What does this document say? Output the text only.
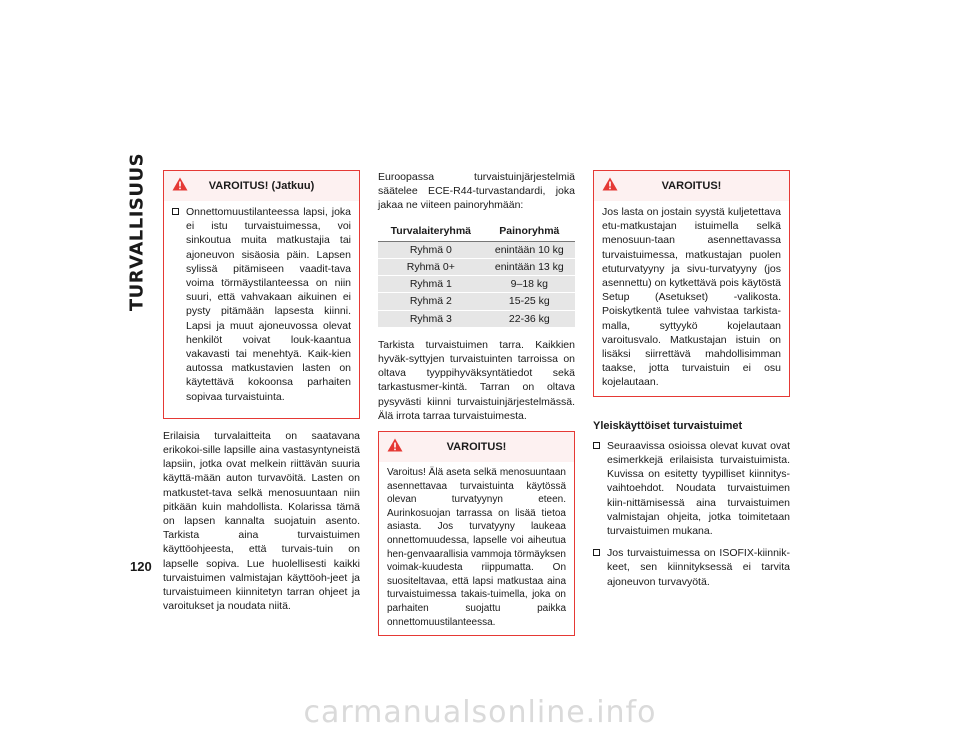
TURVALLISUUS
120
VAROITUS! (Jatkuu)
Onnettomuustilanteessa lapsi, joka ei istu turvaistuimessa, voi sinkoutua muita matkustajia tai ajoneuvon sisäosia päin. Lapsen sylissä pitämiseen vaadit-tava voima törmäystilanteessa on niin suuri, että vahvakaan aikuinen ei pysty pitämään lapsesta kiinni. Lapsi ja muut ajoneuvossa olevat henkilöt voivat louk-kaantua vakavasti tai menehtyä. Kaik-kien autossa matkustavien lasten on käytettävä kokoonsa parhaiten sopivaa turvaistuinta.

Erilaisia turvalaitteita on saatavana erikokoi-sille lapsille aina vastasyntyneistä lapsiin, jotka ovat melkein riittävän suuria käyttä-mään auton turvavöitä. Lasten on matkustet-tava selkä menosuuntaan niin pitkään kuin mahdollista. Kolarissa tämä on lapsen kannalta suojatuin asento. Tarkista aina turvaistuimen käyttöohjeesta, että turvais-tuin on lapselle sopiva. Lue huolellisesti kaikki turvaistuimen valmistajan käyttöoh-jeet ja turvaistuimeen kiinnitetyn tarran ohjeet ja varoitukset ja noudata niitä.

Euroopassa turvaistuinjärjestelmiä säätelee ECE-R44-turvastandardi, joka jakaa ne viiteen painoryhmään:

Turvalaiteryhmä	Painoryhmä
Ryhmä 0	enintään 10 kg
Ryhmä 0+	enintään 13 kg
Ryhmä 1	9–18 kg
Ryhmä 2	15-25 kg
Ryhmä 3	22-36 kg

Tarkista turvaistuimen tarra. Kaikkien hyväk-syttyjen turvaistuinten tarroissa on oltava tyyppihyväksyntätiedot sekä tarkastusmer-kintä. Tarran on oltava pysyvästi kiinni turvaistuinjärjestelmässä. Älä irrota tarraa turvaistuimesta.

VAROITUS!
Varoitus! Älä aseta selkä menosuuntaan asennettavaa turvaistuinta käytössä olevan turvatyynyn eteen. Aurinkosuojan tarrassa on lisää tietoa asiasta. Jos turvatyyny laukeaa onnettomuudessa, lapselle voi aiheutua hen-genvaarallisia vammoja törmäyksen voimak-kuudesta riippumatta. On suositeltavaa, että lapsi matkustaa aina turvaistuimessa takais-tuimella, joka on parhaiten suojattu paikka onnettomuustilanteessa.
VAROITUS!
Jos lasta on jostain syystä kuljetettava etu-matkustajan istuimella selkä menosuun-taan asennettavassa turvaistuimessa, matkustajan puolen etuturvatyyny ja sivu-turvatyyny (jos asennettu) on kytkettävä pois käytöstä Setup (Asetukset) -valikosta. Poiskytkentä tulee vahvistaa tarkista-malla, syttyykö kojelautaan varoitusvalo. Matkustajan istuin on lisäksi siirrettävä mahdollisimman taakse, jotta turvaistuin ei osu kojelautaan.
Yleiskäyttöiset turvaistuimet
Seuraavissa osioissa olevat kuvat ovat esimerkkejä erilaisista turvaistuimista. Kuvissa on esitetty tyypilliset kiinnitys-vaihtoehdot. Noudata turvaistuimen kiin-nittämisessä aina turvaistuimen valmistajan ohjeita, jotka toimitetaan turvaistuimen mukana.
Jos turvaistuimessa on ISOFIX-kiinnik-keet, sen kiinnityksessä ei tarvita ajoneuvon turvavyötä.
carmanualsonline.info
